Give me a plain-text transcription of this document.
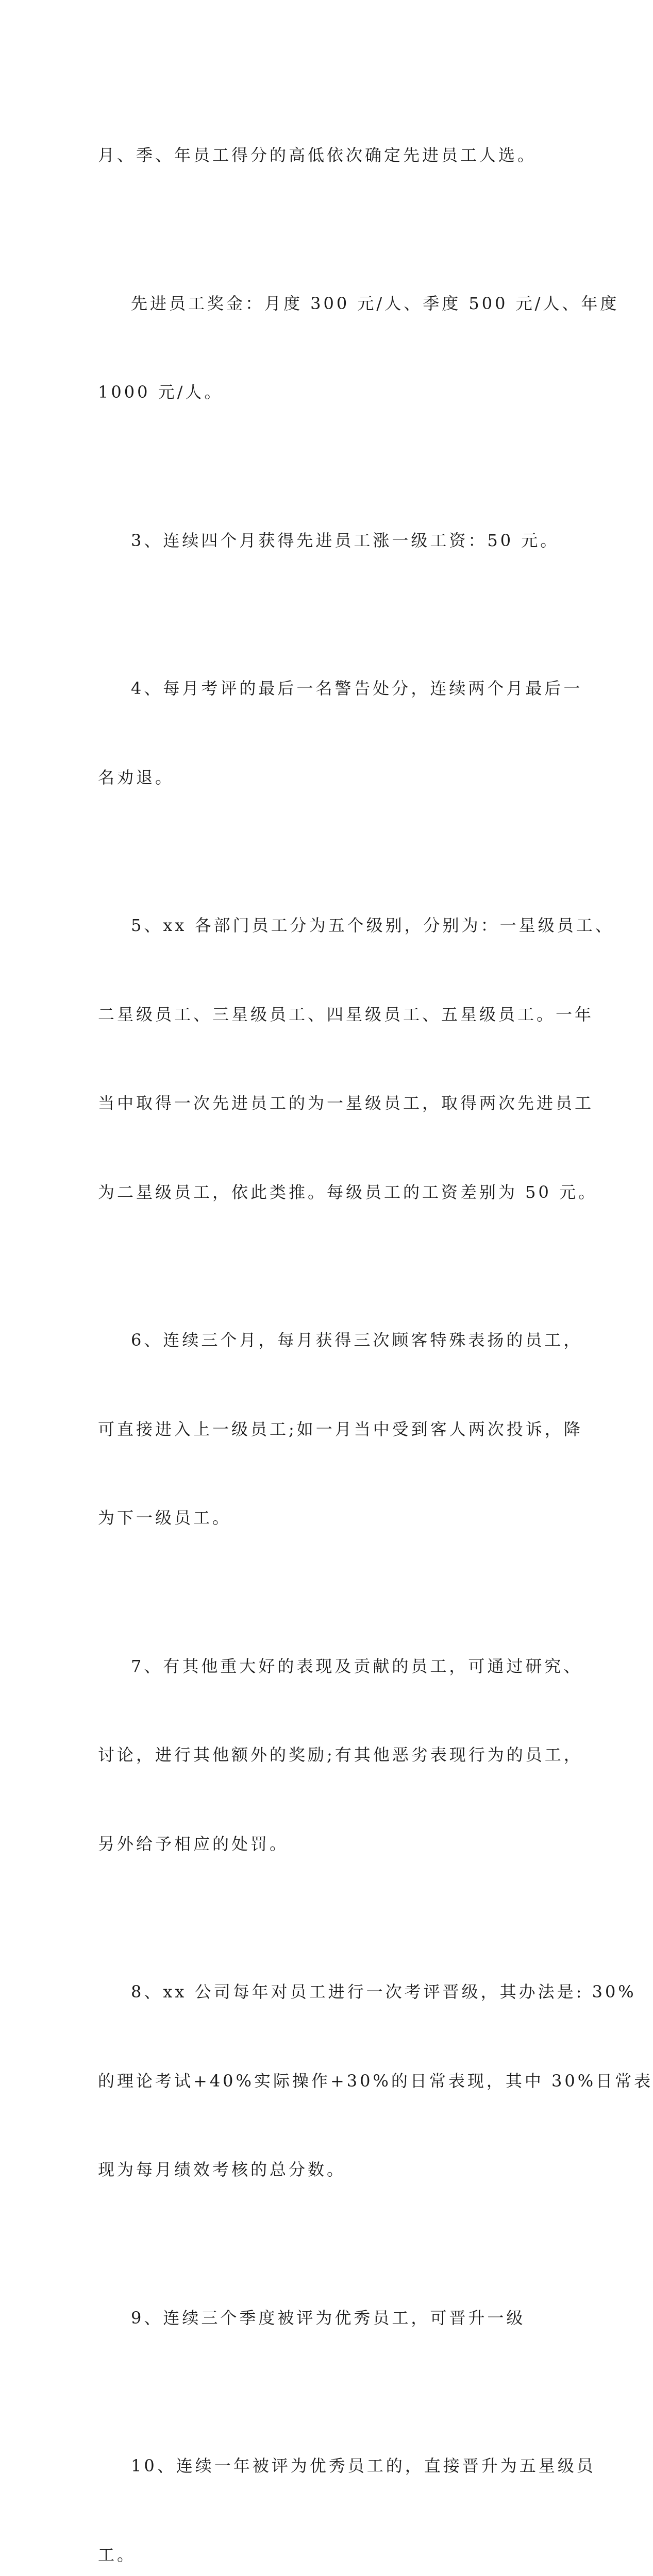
月、季、年员工得分的高低依次确定先进员工人选。

先进员工奖金：月度 300 元/人、季度 500 元/人、年度

1000 元/人。

3、连续四个月获得先进员工涨一级工资：50 元。

4、每月考评的最后一名警告处分，连续两个月最后一

名劝退。

5、xx 各部门员工分为五个级别，分别为：一星级员工、

二星级员工、三星级员工、四星级员工、五星级员工。一年

当中取得一次先进员工的为一星级员工，取得两次先进员工

为二星级员工，依此类推。每级员工的工资差别为 50 元。

6、连续三个月，每月获得三次顾客特殊表扬的员工，

可直接进入上一级员工;如一月当中受到客人两次投诉，降

为下一级员工。

7、有其他重大好的表现及贡献的员工，可通过研究、

讨论，进行其他额外的奖励;有其他恶劣表现行为的员工，

另外给予相应的处罚。

8、xx 公司每年对员工进行一次考评晋级，其办法是: 30%

的理论考试+40%实际操作+30%的日常表现，其中 30%日常表

现为每月绩效考核的总分数。

9、连续三个季度被评为优秀员工，可晋升一级

10、连续一年被评为优秀员工的，直接晋升为五星级员

工。
